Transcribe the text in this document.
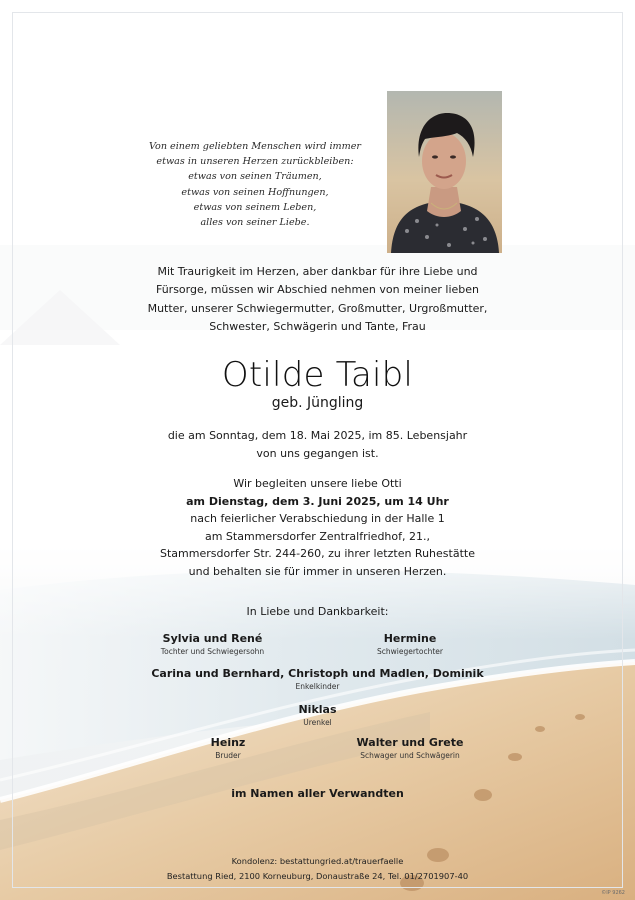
Von einem geliebten Menschen wird immer
etwas in unseren Herzen zurückbleiben:
etwas von seinen Träumen,
etwas von seinen Hoffnungen,
etwas von seinem Leben,
alles von seiner Liebe.
Mit Traurigkeit im Herzen, aber dankbar für ihre Liebe und
Fürsorge, müssen wir Abschied nehmen von meiner lieben
Mutter, unserer Schwiegermutter, Großmutter, Urgroßmutter,
Schwester, Schwägerin und Tante, Frau
Otilde Taibl
geb. Jüngling
die am Sonntag, dem 18. Mai 2025, im 85. Lebensjahr
von uns gegangen ist.
Wir begleiten unsere liebe Otti
am Dienstag, dem 3. Juni 2025, um 14 Uhr
nach feierlicher Verabschiedung in der Halle 1
am Stammersdorfer Zentralfriedhof, 21.,
Stammersdorfer Str. 244-260, zu ihrer letzten Ruhestätte
und behalten sie für immer in unseren Herzen.
In Liebe und Dankbarkeit:
Sylvia und René
Tochter und Schwiegersohn
Hermine
Schwiegertochter
Carina und Bernhard, Christoph und Madlen, Dominik
Enkelkinder
Niklas
Urenkel
Heinz
Bruder
Walter und Grete
Schwager und Schwägerin
im Namen aller Verwandten
Kondolenz: bestattungried.at/trauerfaelle
Bestattung Ried, 2100 Korneuburg, Donaustraße 24, Tel. 01/2701907-40
©IP 9262
